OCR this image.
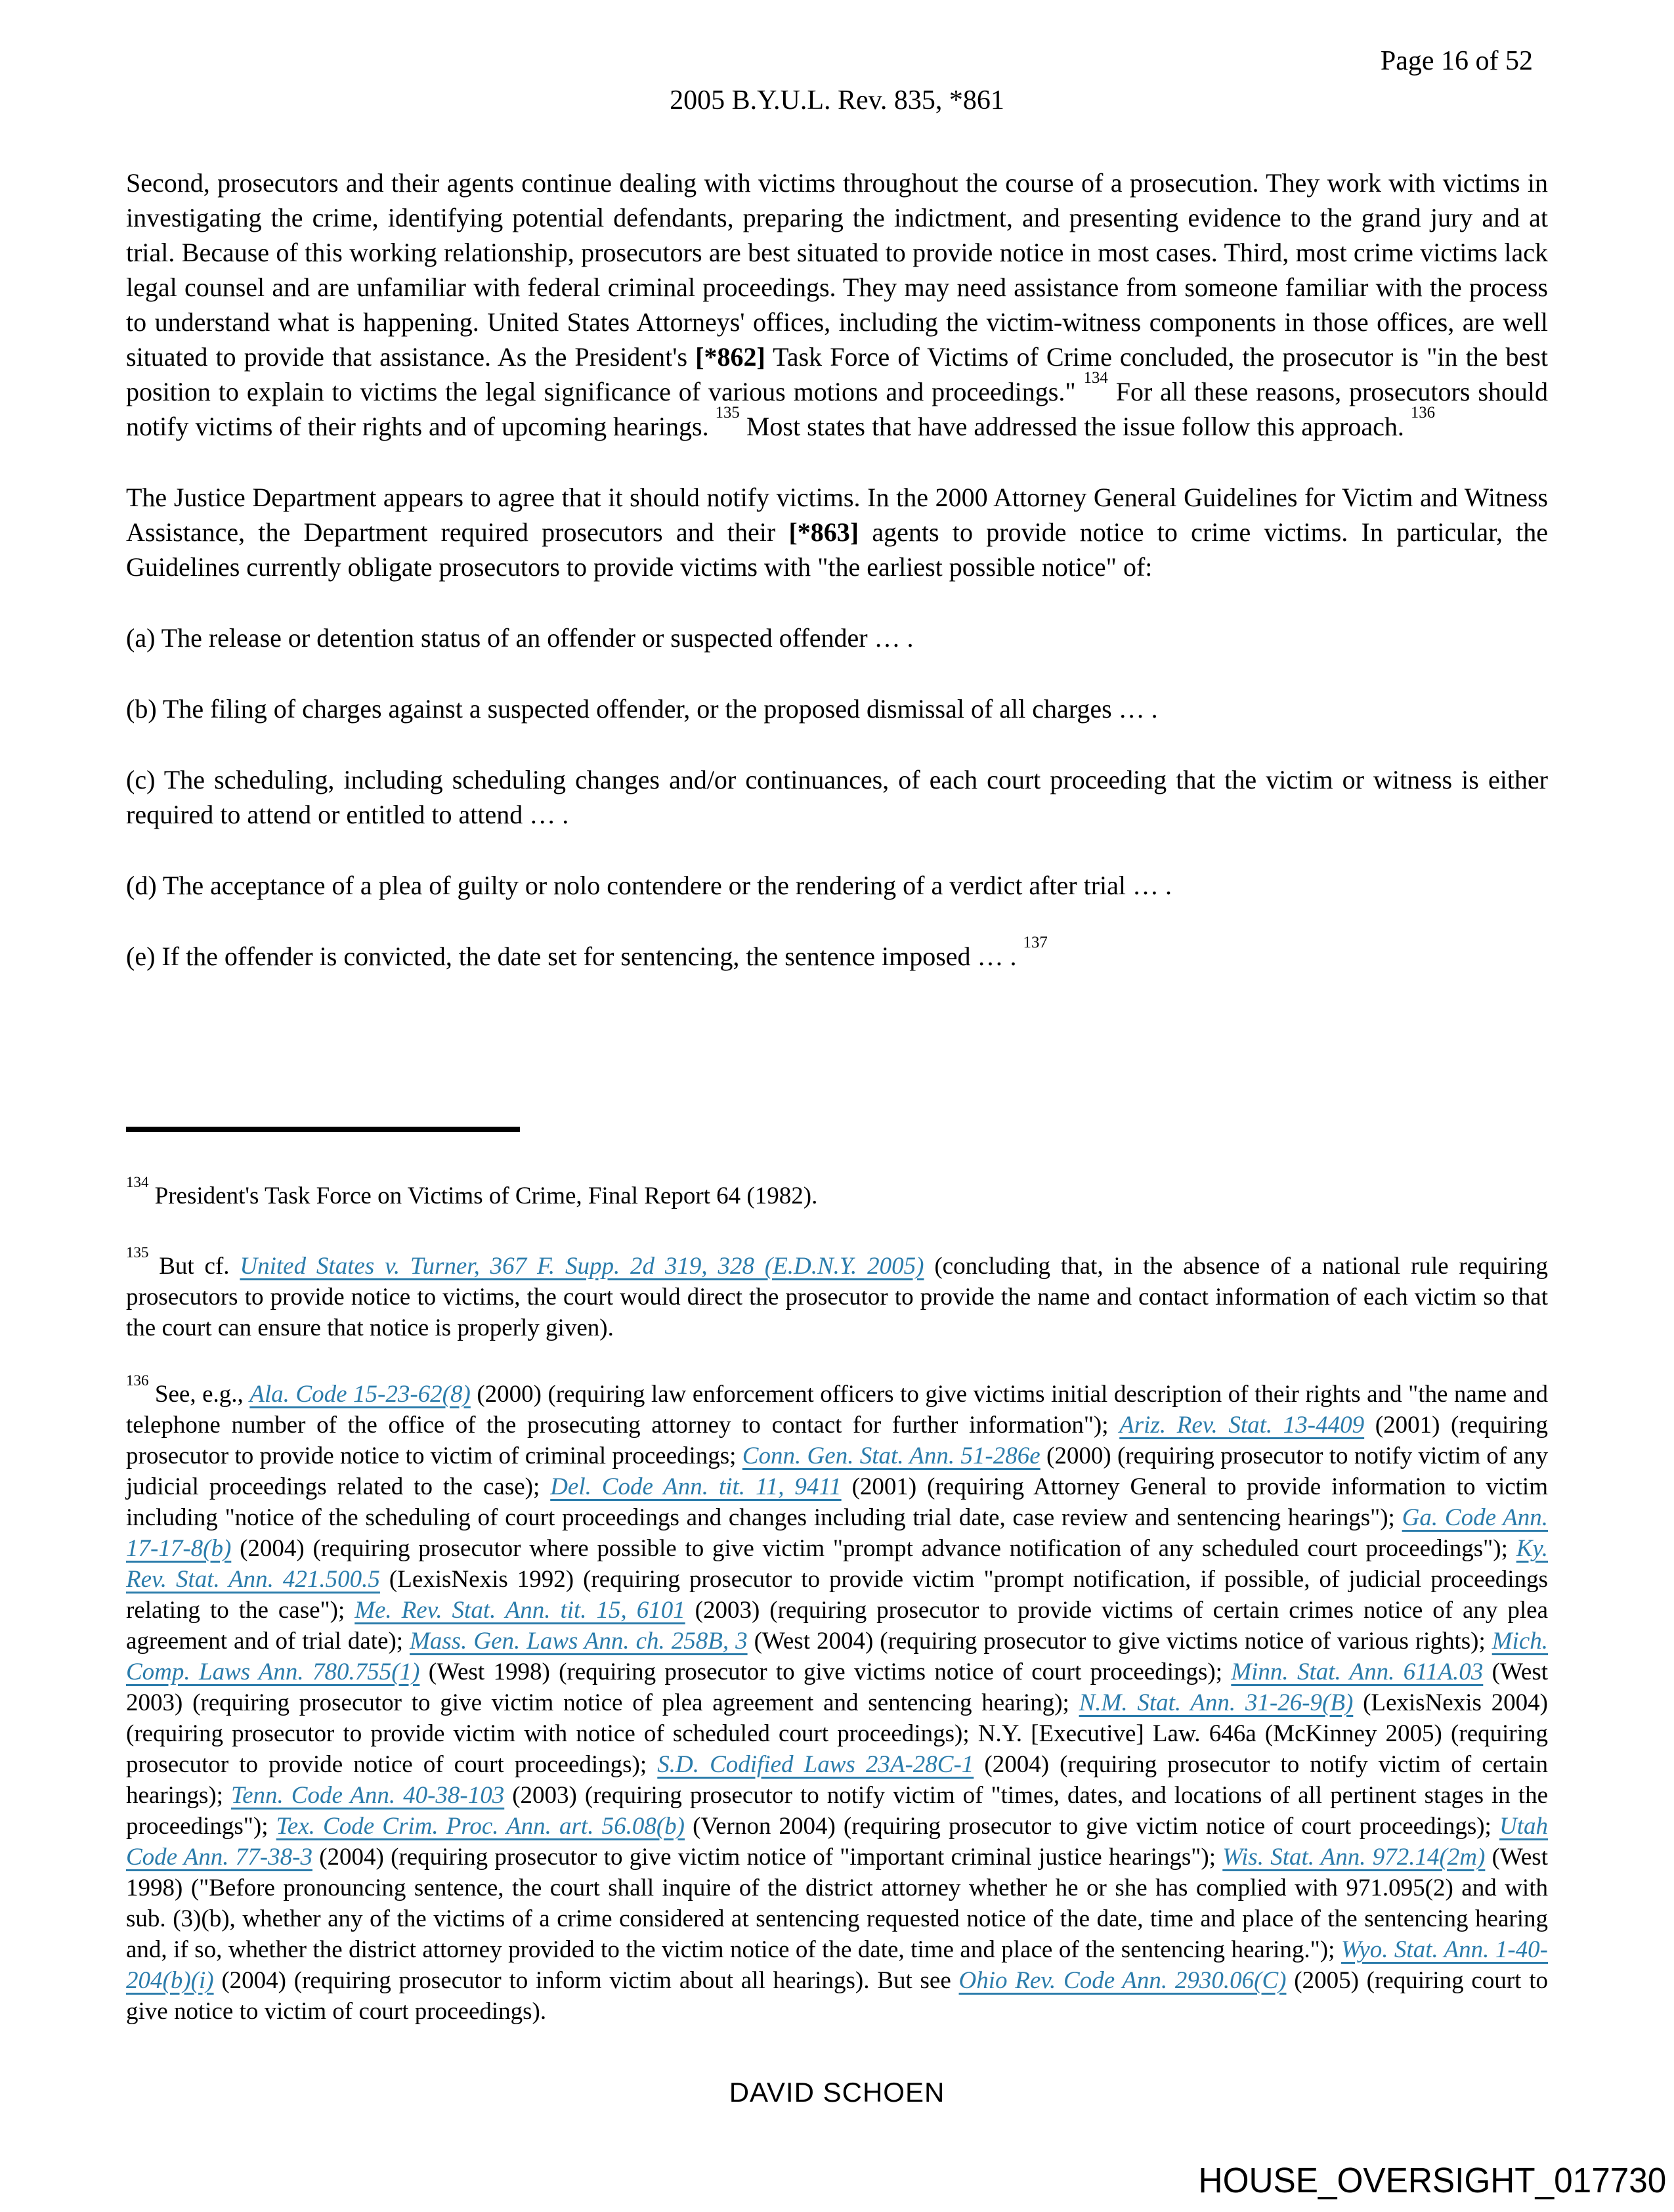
Page 16 of 52
2005 B.Y.U.L. Rev. 835, *861

Second, prosecutors and their agents continue dealing with victims throughout the course of a prosecution. They work with victims in investigating the crime, identifying potential defendants, preparing the indictment, and presenting evidence to the grand jury and at trial. Because of this working relationship, prosecutors are best situated to provide notice in most cases. Third, most crime victims lack legal counsel and are unfamiliar with federal criminal proceedings. They may need assistance from someone familiar with the process to understand what is happening. United States Attorneys' offices, including the victim-witness components in those offices, are well situated to provide that assistance. As the President's [*862] Task Force of Victims of Crime concluded, the prosecutor is "in the best position to explain to victims the legal significance of various motions and proceedings." $^{134}$ For all these reasons, prosecutors should notify victims of their rights and of upcoming hearings. $^{135}$ Most states that have addressed the issue follow this approach. $^{136}$

The Justice Department appears to agree that it should notify victims. In the 2000 Attorney General Guidelines for Victim and Witness Assistance, the Department required prosecutors and their [*863] agents to provide notice to crime victims. In particular, the Guidelines currently obligate prosecutors to provide victims with "the earliest possible notice" of:

(a) The release or detention status of an offender or suspected offender … .

(b) The filing of charges against a suspected offender, or the proposed dismissal of all charges … .

(c) The scheduling, including scheduling changes and/or continuances, of each court proceeding that the victim or witness is either required to attend or entitled to attend … .

(d) The acceptance of a plea of guilty or nolo contendere or the rendering of a verdict after trial … .

(e) If the offender is convicted, the date set for sentencing, the sentence imposed … . $^{137}$

$^{134}$ President's Task Force on Victims of Crime, Final Report 64 (1982).

$^{135}$ But cf. United States v. Turner, 367 F. Supp. 2d 319, 328 (E.D.N.Y. 2005) (concluding that, in the absence of a national rule requiring prosecutors to provide notice to victims, the court would direct the prosecutor to provide the name and contact information of each victim so that the court can ensure that notice is properly given).

$^{136}$ See, e.g., Ala. Code 15-23-62(8) (2000) (requiring law enforcement officers to give victims initial description of their rights and "the name and telephone number of the office of the prosecuting attorney to contact for further information"); Ariz. Rev. Stat. 13-4409 (2001) (requiring prosecutor to provide notice to victim of criminal proceedings; Conn. Gen. Stat. Ann. 51-286e (2000) (requiring prosecutor to notify victim of any judicial proceedings related to the case); Del. Code Ann. tit. 11, 9411 (2001) (requiring Attorney General to provide information to victim including "notice of the scheduling of court proceedings and changes including trial date, case review and sentencing hearings"); Ga. Code Ann. 17-17-8(b) (2004) (requiring prosecutor where possible to give victim "prompt advance notification of any scheduled court proceedings"); Ky. Rev. Stat. Ann. 421.500.5 (LexisNexis 1992) (requiring prosecutor to provide victim "prompt notification, if possible, of judicial proceedings relating to the case"); Me. Rev. Stat. Ann. tit. 15, 6101 (2003) (requiring prosecutor to provide victims of certain crimes notice of any plea agreement and of trial date); Mass. Gen. Laws Ann. ch. 258B, 3 (West 2004) (requiring prosecutor to give victims notice of various rights); Mich. Comp. Laws Ann. 780.755(1) (West 1998) (requiring prosecutor to give victims notice of court proceedings); Minn. Stat. Ann. 611A.03 (West 2003) (requiring prosecutor to give victim notice of plea agreement and sentencing hearing); N.M. Stat. Ann. 31-26-9(B) (LexisNexis 2004) (requiring prosecutor to provide victim with notice of scheduled court proceedings); N.Y. [Executive] Law. 646a (McKinney 2005) (requiring prosecutor to provide notice of court proceedings); S.D. Codified Laws 23A-28C-1 (2004) (requiring prosecutor to notify victim of certain hearings); Tenn. Code Ann. 40-38-103 (2003) (requiring prosecutor to notify victim of "times, dates, and locations of all pertinent stages in the proceedings"); Tex. Code Crim. Proc. Ann. art. 56.08(b) (Vernon 2004) (requiring prosecutor to give victim notice of court proceedings); Utah Code Ann. 77-38-3 (2004) (requiring prosecutor to give victim notice of "important criminal justice hearings"); Wis. Stat. Ann. 972.14(2m) (West 1998) ("Before pronouncing sentence, the court shall inquire of the district attorney whether he or she has complied with 971.095(2) and with sub. (3)(b), whether any of the victims of a crime considered at sentencing requested notice of the date, time and place of the sentencing hearing and, if so, whether the district attorney provided to the victim notice of the date, time and place of the sentencing hearing."); Wyo. Stat. Ann. 1-40-204(b)(i) (2004) (requiring prosecutor to inform victim about all hearings). But see Ohio Rev. Code Ann. 2930.06(C) (2005) (requiring court to give notice to victim of court proceedings).

DAVID SCHOEN
HOUSE_OVERSIGHT_017730
